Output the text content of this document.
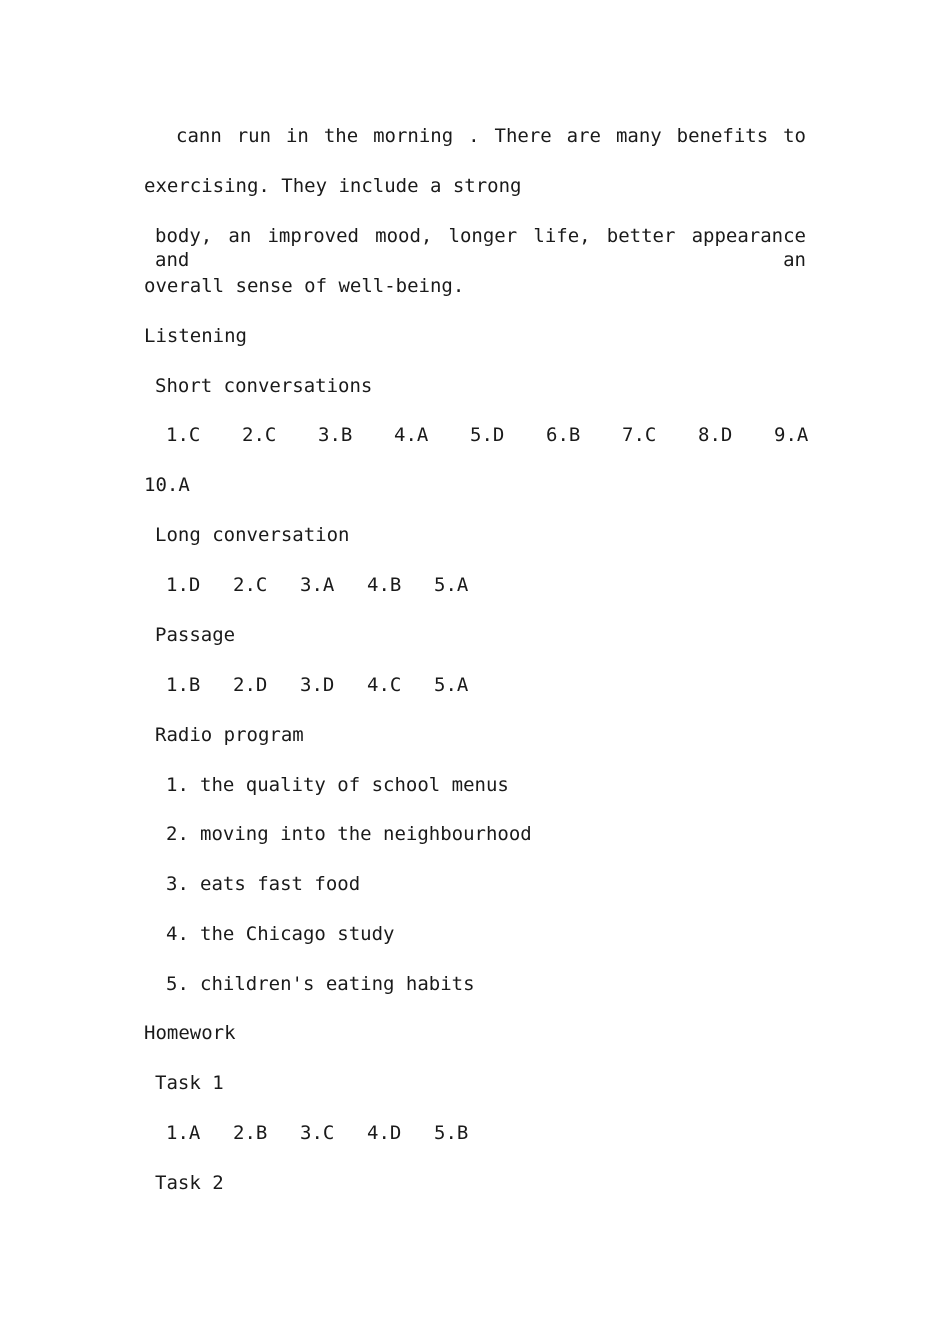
cann run in the morning . There are many benefits to
exercising. They include a strong
body, an improved mood, longer life, better appearance and an
overall sense of well-being.
Listening
Short conversations
1.C	2.C	3.B	4.A	5.D	6.B	7.C	8.D	9.A
10.A
Long conversation
1.D	2.C	3.A	4.B	5.A
Passage
1.B	2.D	3.D	4.C	5.A
Radio program
1. the quality of school menus
2. moving into the neighbourhood
3. eats fast food
4. the Chicago study
5. children's eating habits
Homework
Task 1
1.A	2.B	3.C	4.D	5.B
Task 2
